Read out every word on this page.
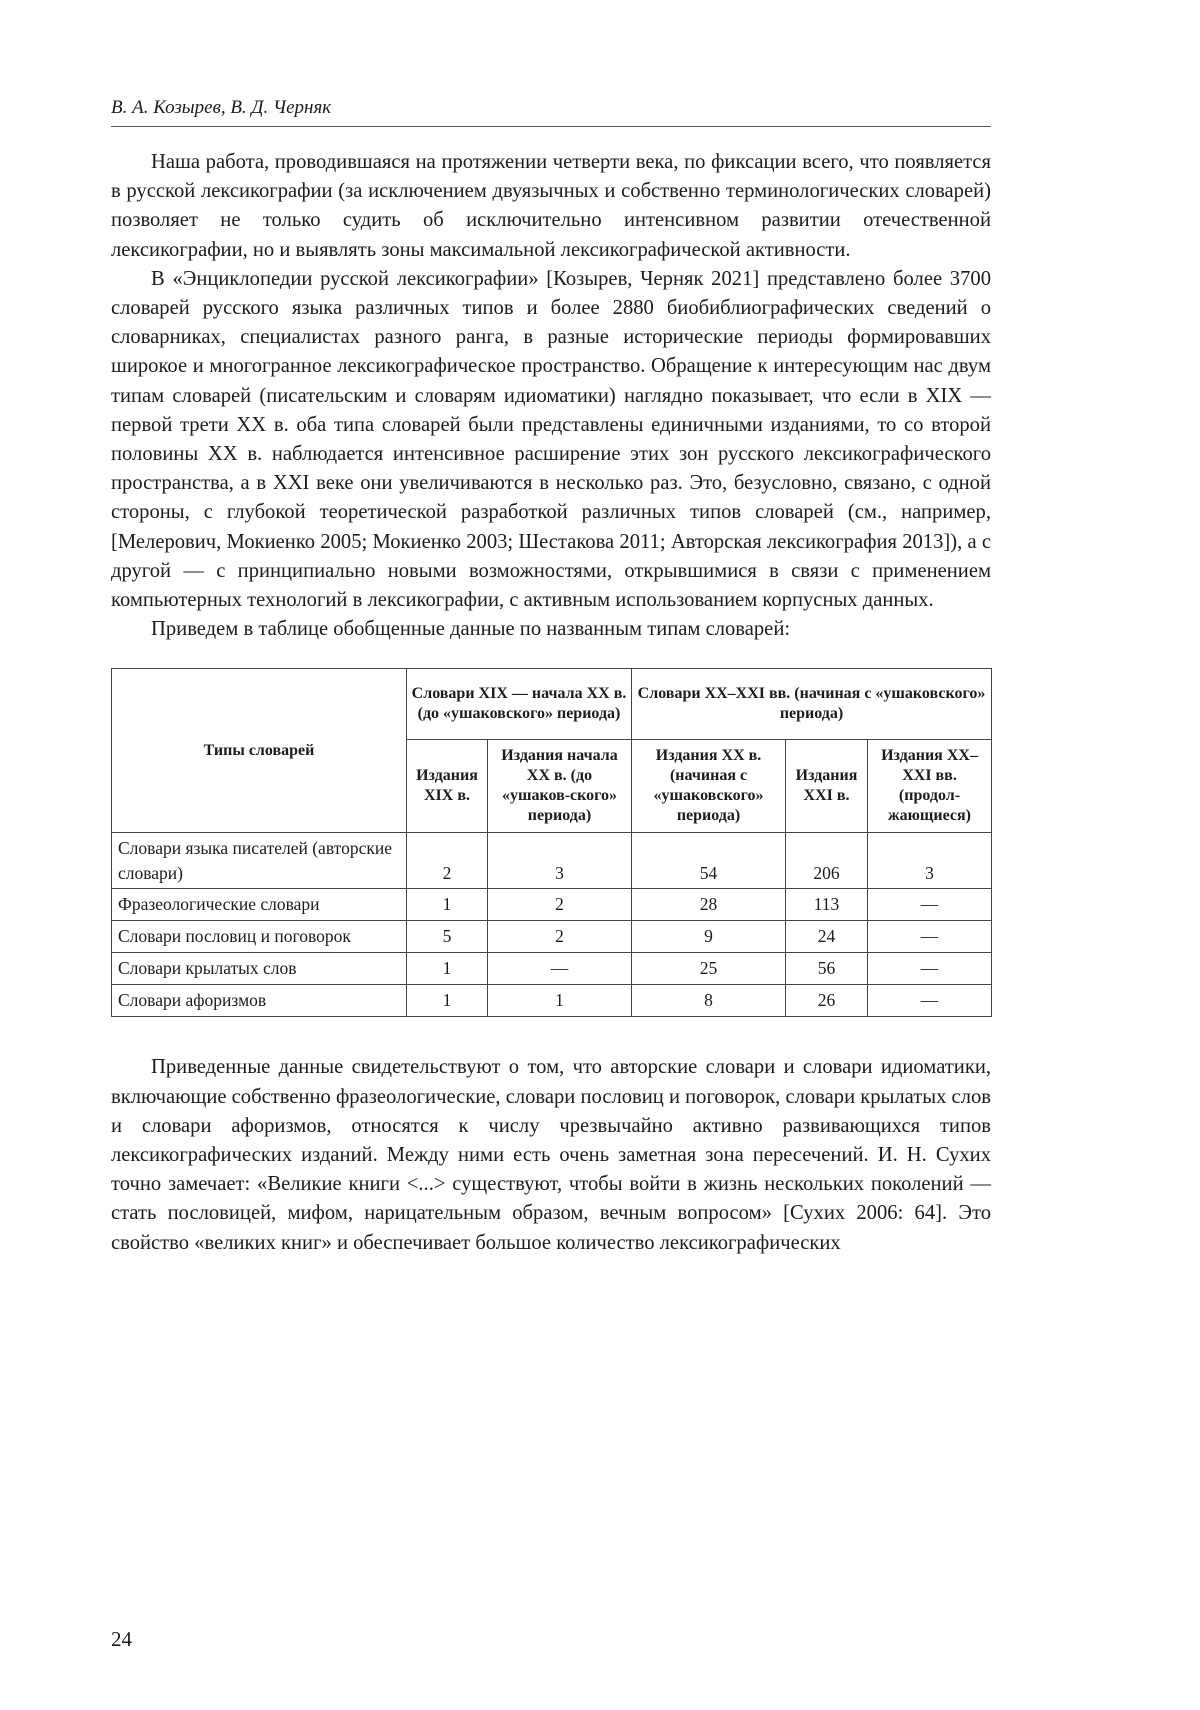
В. А. Козырев, В. Д. Черняк

Наша работа, проводившаяся на протяжении четверти века, по фиксации всего, что появляется в русской лексикографии (за исключением двуязычных и собственно терминологических словарей) позволяет не только судить об исключительно интенсивном развитии отечественной лексикографии, но и выявлять зоны максимальной лексикографической активности.

В «Энциклопедии русской лексикографии» [Козырев, Черняк 2021] представлено более 3700 словарей русского языка различных типов и более 2880 биобиблиографических сведений о словарниках, специалистах разного ранга, в разные исторические периоды формировавших широкое и многогранное лексикографическое пространство. Обращение к интересующим нас двум типам словарей (писательским и словарям идиоматики) наглядно показывает, что если в XIX — первой трети XX в. оба типа словарей были представлены единичными изданиями, то со второй половины XX в. наблюдается интенсивное расширение этих зон русского лексикографического пространства, а в XXI веке они увеличиваются в несколько раз. Это, безусловно, связано, с одной стороны, с глубокой теоретической разработкой различных типов словарей (см., например, [Мелерович, Мокиенко 2005; Мокиенко 2003; Шестакова 2011; Авторская лексикография 2013]), а с другой — с принципиально новыми возможностями, открывшимися в связи с применением компьютерных технологий в лексикографии, с активным использованием корпусных данных.

Приведем в таблице обобщенные данные по названным типам словарей:

Типы словарей	Словари XIX — начала XX в. (до «ушаковского» периода)		Словари XX–XXI вв. (начиная с «ушаковского» периода)		
	Издания XIX в.	Издания начала XX в. (до «ушаков-ского» периода)	Издания XX в. (начиная с «ушаковского» периода)	Издания XXI в.	Издания XX–XXI вв. (продол-жающиеся)
Словари языка писателей (авторские словари)	2	3	54	206	3
Фразеологические словари	1	2	28	113	—
Словари пословиц и поговорок	5	2	9	24	—
Словари крылатых слов	1	—	25	56	—
Словари афоризмов	1	1	8	26	—

Приведенные данные свидетельствуют о том, что авторские словари и словари идиоматики, включающие собственно фразеологические, словари пословиц и поговорок, словари крылатых слов и словари афоризмов, относятся к числу чрезвычайно активно развивающихся типов лексикографических изданий. Между ними есть очень заметная зона пересечений. И. Н. Сухих точно замечает: «Великие книги <...> существуют, чтобы войти в жизнь нескольких поколений — стать пословицей, мифом, нарицательным образом, вечным вопросом» [Сухих 2006: 64]. Это свойство «великих книг» и обеспечивает большое количество лексикографических

24
